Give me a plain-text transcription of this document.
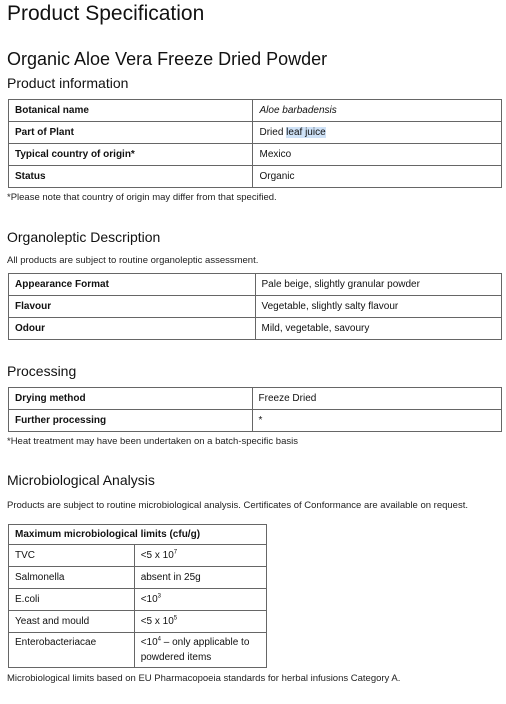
Product Specification
Organic Aloe Vera Freeze Dried Powder
Product information
Botanical name	Aloe barbadensis
Part of Plant	Dried leaf juice
Typical country of origin*	Mexico
Status	Organic

*Please note that country of origin may differ from that specified.

Organoleptic Description

All products are subject to routine organoleptic assessment.

Appearance Format	Pale beige, slightly granular powder
Flavour	Vegetable, slightly salty flavour
Odour	Mild, vegetable, savoury
Processing
Drying method	Freeze Dried
Further processing	*

*Heat treatment may have been undertaken on a batch-specific basis

Microbiological Analysis

Products are subject to routine microbiological analysis. Certificates of Conformance are available on request.

Maximum microbiological limits (cfu/g)	
TVC	<5 x $10^7$
Salmonella	absent in 25g
E.coli	$<10^3$
Yeast and mould	<5 x $10^5$
Enterobacteriacae	$<10^4$ – only applicable to powdered items

Microbiological limits based on EU Pharmacopoeia standards for herbal infusions Category A.
